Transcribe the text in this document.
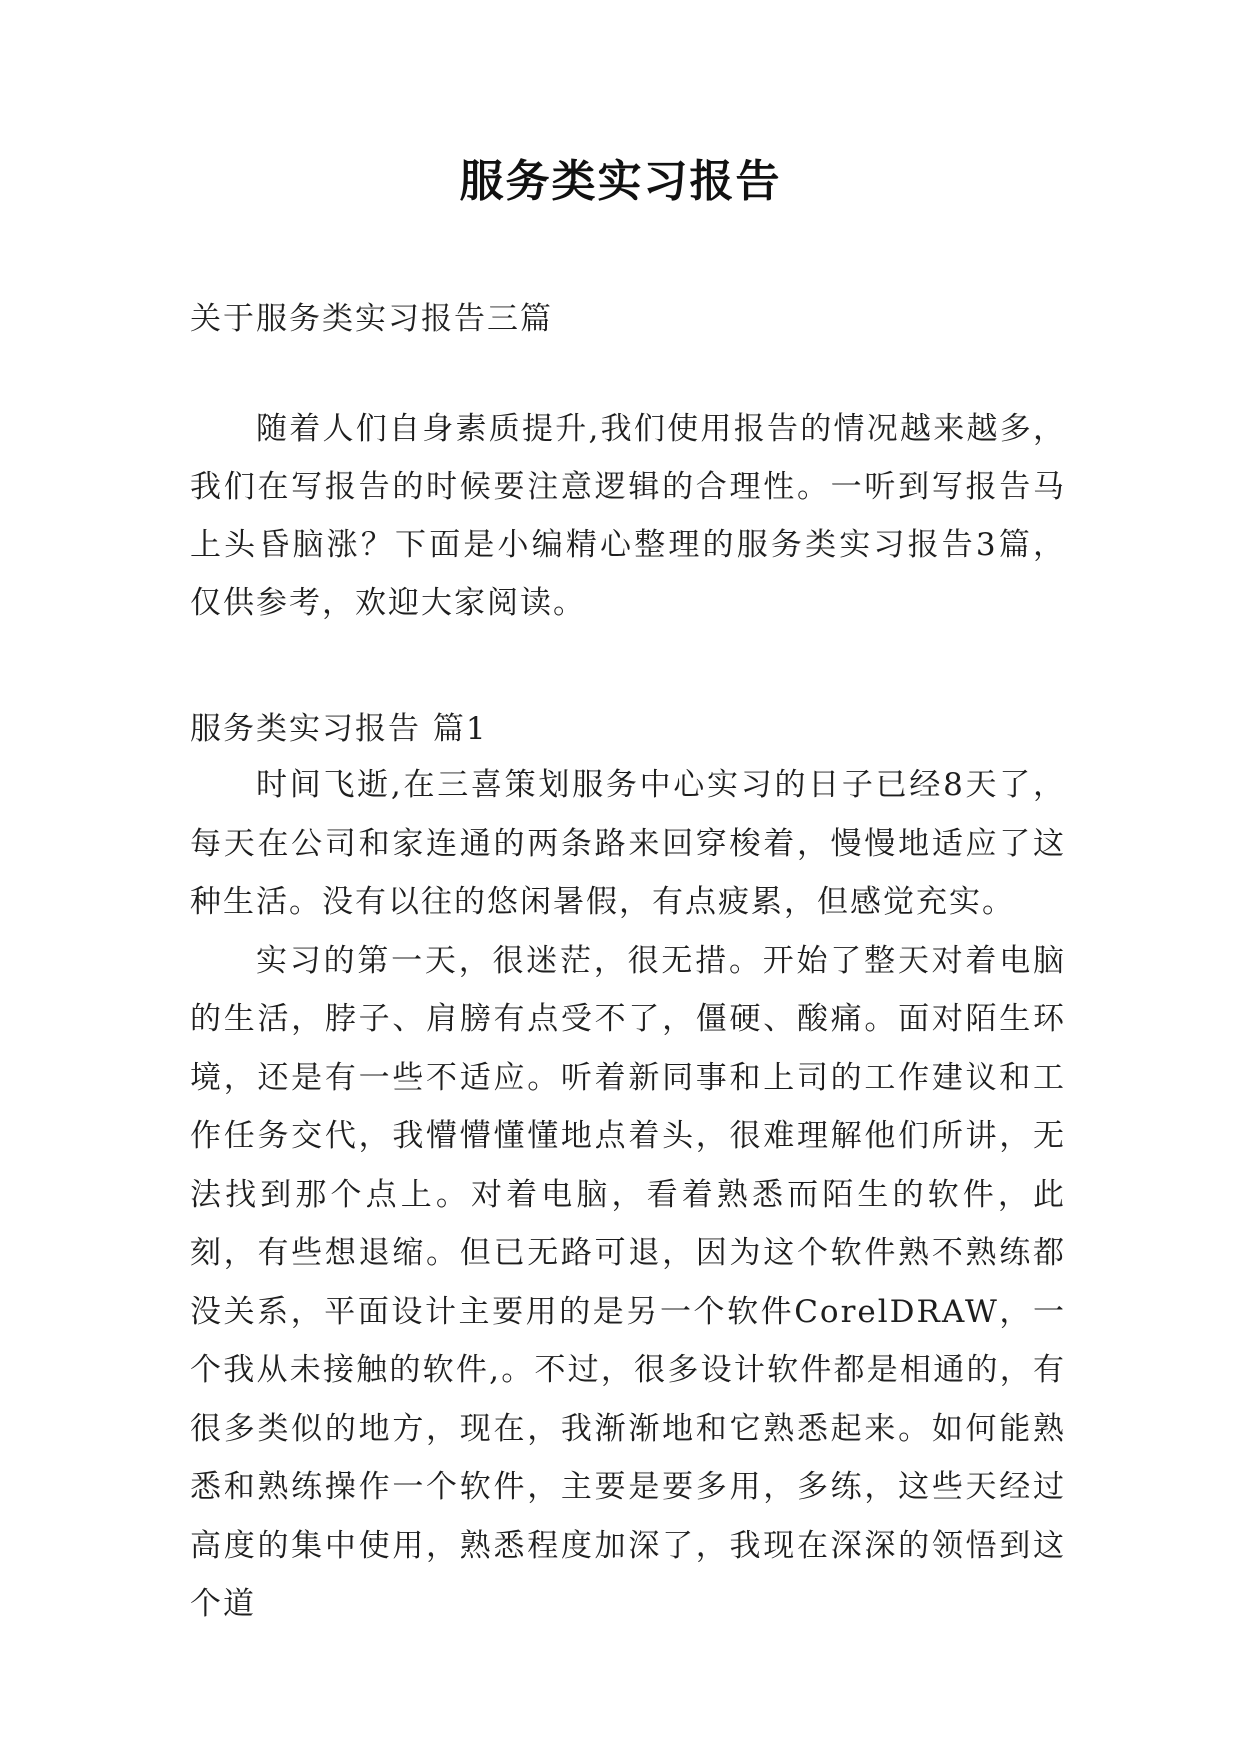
服务类实习报告
关于服务类实习报告三篇
随着人们自身素质提升,我们使用报告的情况越来越多，我们在写报告的时候要注意逻辑的合理性。一听到写报告马上头昏脑涨？下面是小编精心整理的服务类实习报告3篇，仅供参考，欢迎大家阅读。
服务类实习报告 篇1

时间飞逝,在三喜策划服务中心实习的日子已经8天了，每天在公司和家连通的两条路来回穿梭着，慢慢地适应了这种生活。没有以往的悠闲暑假，有点疲累，但感觉充实。

实习的第一天，很迷茫，很无措。开始了整天对着电脑的生活，脖子、肩膀有点受不了，僵硬、酸痛。面对陌生环境，还是有一些不适应。听着新同事和上司的工作建议和工作任务交代，我懵懵懂懂地点着头，很难理解他们所讲，无法找到那个点上。对着电脑，看着熟悉而陌生的软件，此刻，有些想退缩。但已无路可退，因为这个软件熟不熟练都没关系，平面设计主要用的是另一个软件CorelDRAW，一个我从未接触的软件,。不过，很多设计软件都是相通的，有很多类似的地方，现在，我渐渐地和它熟悉起来。如何能熟悉和熟练操作一个软件，主要是要多用，多练，这些天经过高度的集中使用，熟悉程度加深了，我现在深深的领悟到这个道
